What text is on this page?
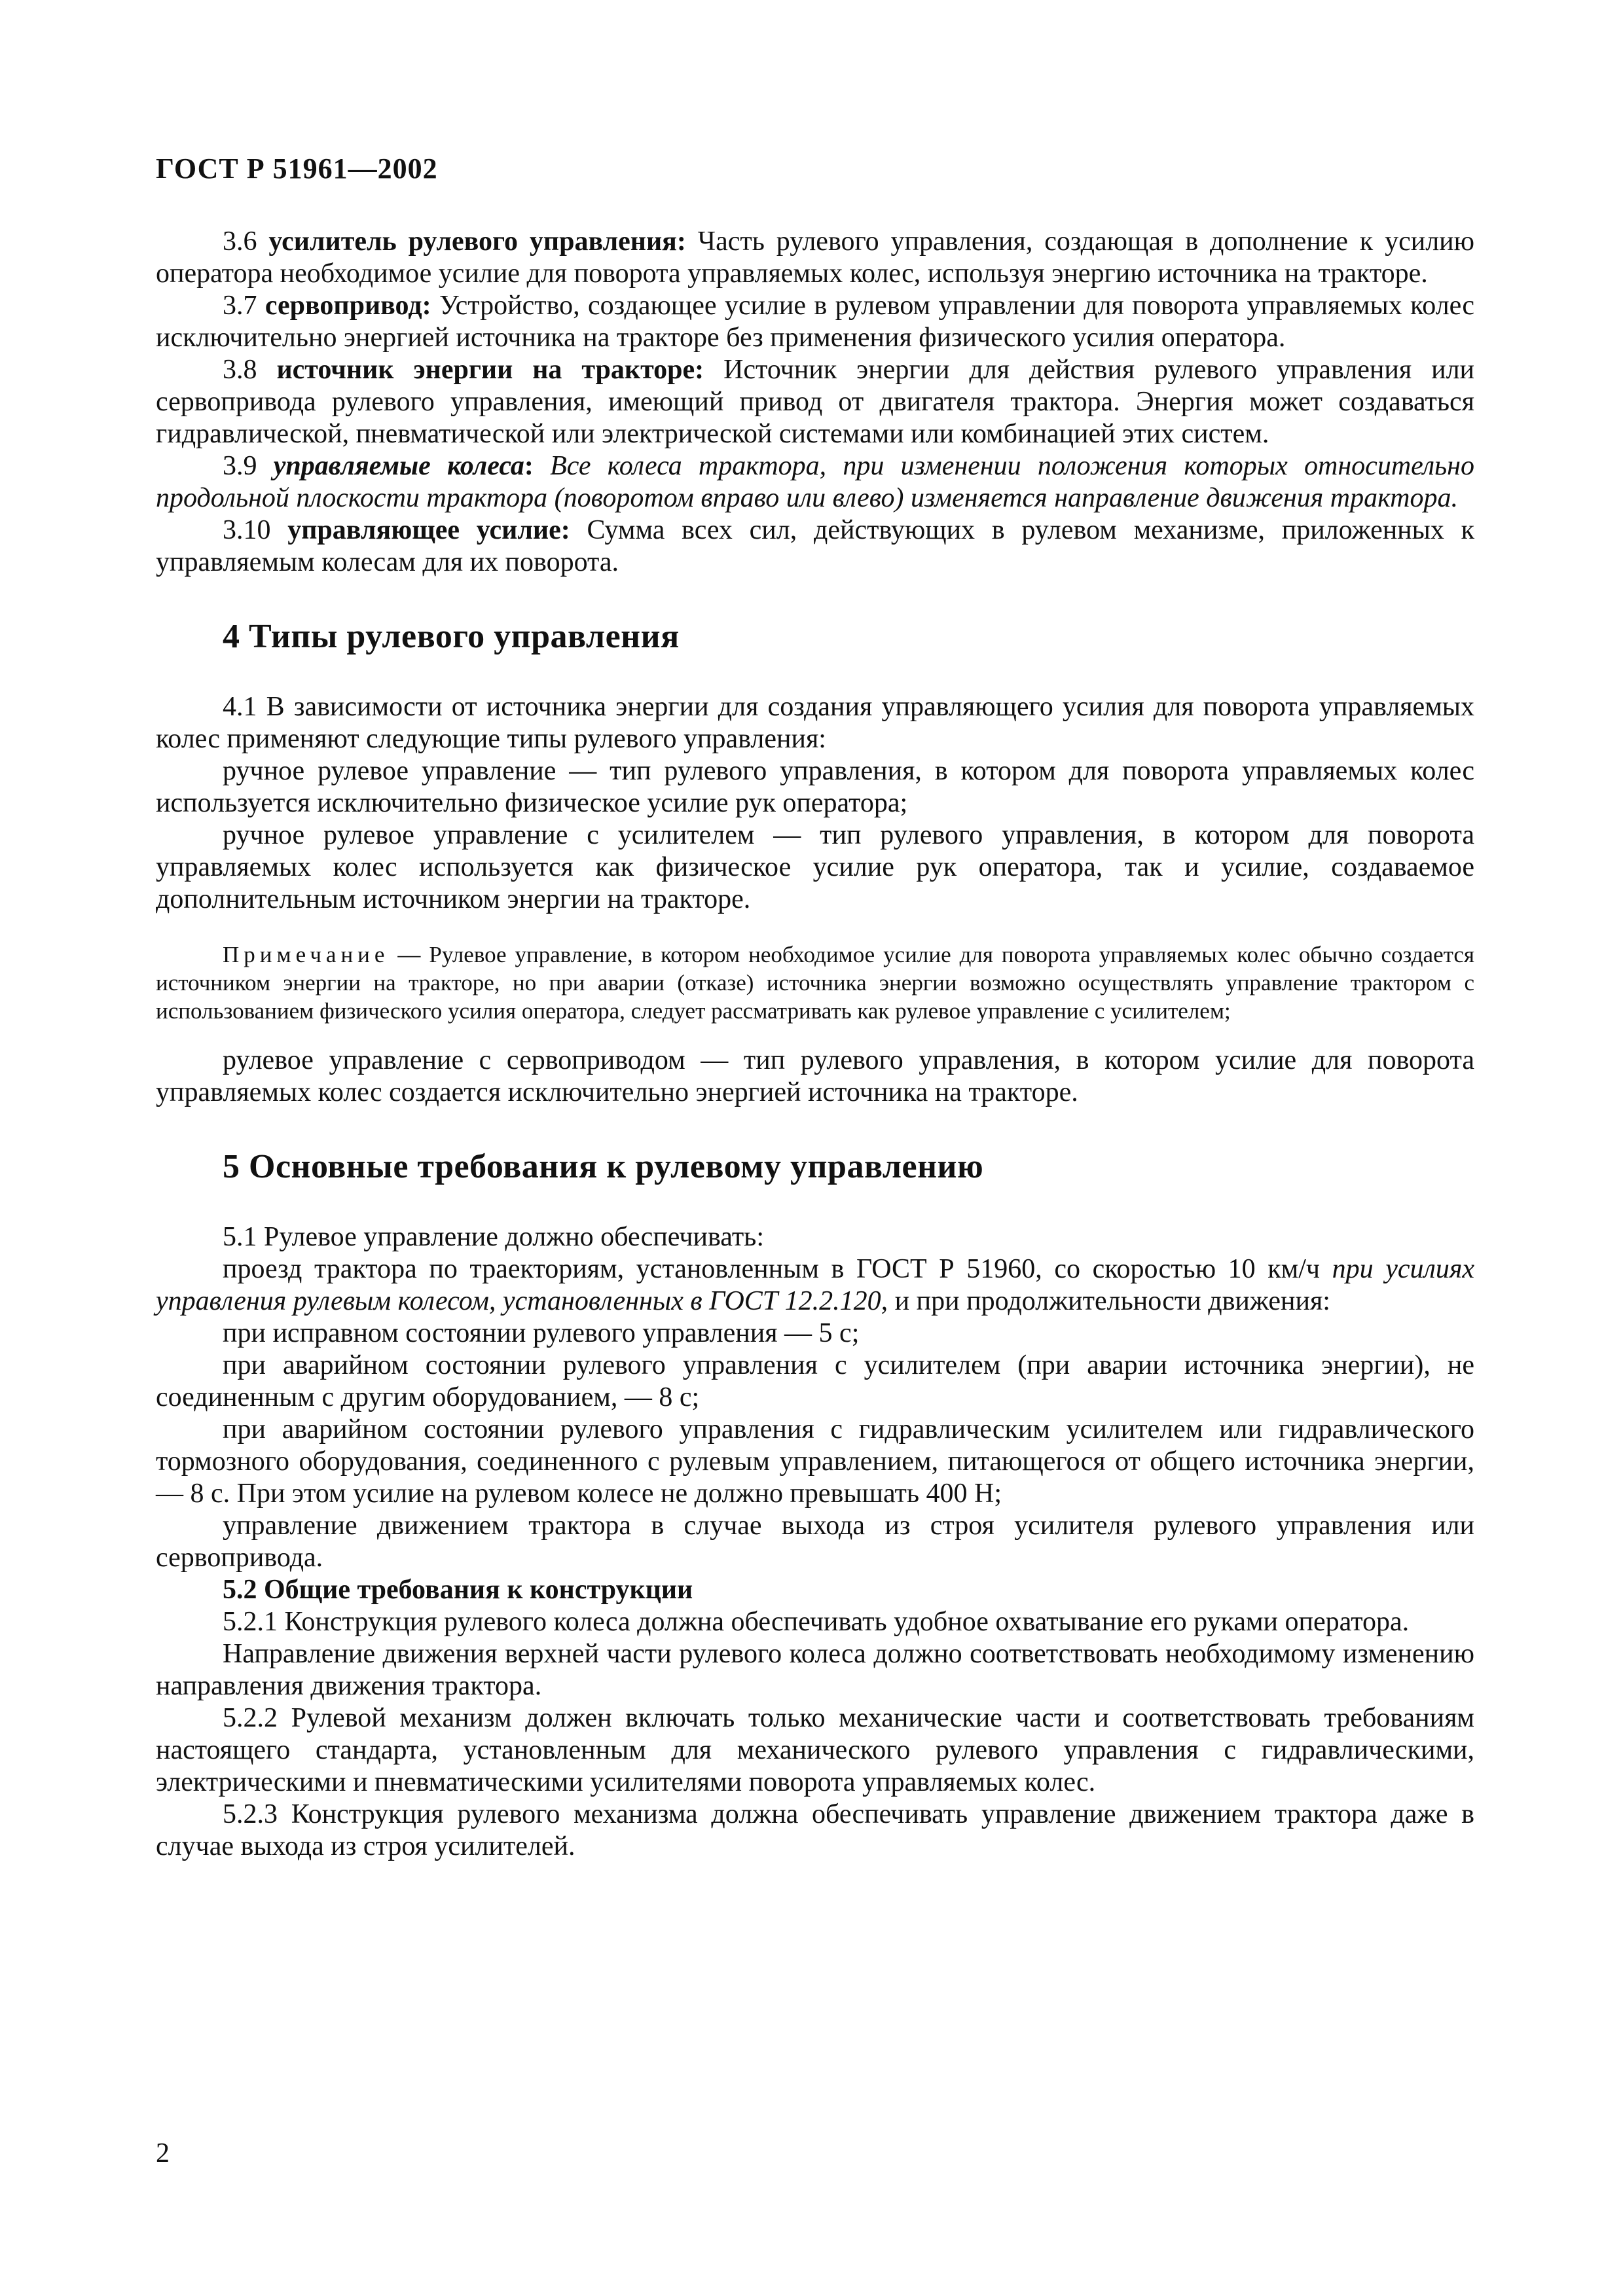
ГОСТ Р 51961—2002

3.6 усилитель рулевого управления: Часть рулевого управления, создающая в дополнение к усилию оператора необходимое усилие для поворота управляемых колес, используя энергию источника на тракторе.

3.7 сервопривод: Устройство, создающее усилие в рулевом управлении для поворота управляемых колес исключительно энергией источника на тракторе без применения физического усилия оператора.

3.8 источник энергии на тракторе: Источник энергии для действия рулевого управления или сервопривода рулевого управления, имеющий привод от двигателя трактора. Энергия может создаваться гидравлической, пневматической или электрической системами или комбинацией этих систем.

3.9 управляемые колеса: Все колеса трактора, при изменении положения которых относительно продольной плоскости трактора (поворотом вправо или влево) изменяется направление движения трактора.

3.10 управляющее усилие: Сумма всех сил, действующих в рулевом механизме, приложенных к управляемым колесам для их поворота.

4 Типы рулевого управления

4.1 В зависимости от источника энергии для создания управляющего усилия для поворота управляемых колес применяют следующие типы рулевого управления:

ручное рулевое управление — тип рулевого управления, в котором для поворота управляемых колес используется исключительно физическое усилие рук оператора;

ручное рулевое управление с усилителем — тип рулевого управления, в котором для поворота управляемых колес используется как физическое усилие рук оператора, так и усилие, создаваемое дополнительным источником энергии на тракторе.

Примечание — Рулевое управление, в котором необходимое усилие для поворота управляемых колес обычно создается источником энергии на тракторе, но при аварии (отказе) источника энергии возможно осуществлять управление трактором с использованием физического усилия оператора, следует рассматривать как рулевое управление с усилителем;

рулевое управление с сервоприводом — тип рулевого управления, в котором усилие для поворота управляемых колес создается исключительно энергией источника на тракторе.

5 Основные требования к рулевому управлению

5.1 Рулевое управление должно обеспечивать:

проезд трактора по траекториям, установленным в ГОСТ Р 51960, со скоростью 10 км/ч при усилиях управления рулевым колесом, установленных в ГОСТ 12.2.120, и при продолжительности движения:

при исправном состоянии рулевого управления — 5 с;

при аварийном состоянии рулевого управления с усилителем (при аварии источника энергии), не соединенным с другим оборудованием, — 8 с;

при аварийном состоянии рулевого управления с гидравлическим усилителем или гидравлического тормозного оборудования, соединенного с рулевым управлением, питающегося от общего источника энергии, — 8 с. При этом усилие на рулевом колесе не должно превышать 400 Н;

управление движением трактора в случае выхода из строя усилителя рулевого управления или сервопривода.

5.2 Общие требования к конструкции

5.2.1 Конструкция рулевого колеса должна обеспечивать удобное охватывание его руками оператора.

Направление движения верхней части рулевого колеса должно соответствовать необходимому изменению направления движения трактора.

5.2.2 Рулевой механизм должен включать только механические части и соответствовать требованиям настоящего стандарта, установленным для механического рулевого управления с гидравлическими, электрическими и пневматическими усилителями поворота управляемых колес.

5.2.3 Конструкция рулевого механизма должна обеспечивать управление движением трактора даже в случае выхода из строя усилителей.

2
